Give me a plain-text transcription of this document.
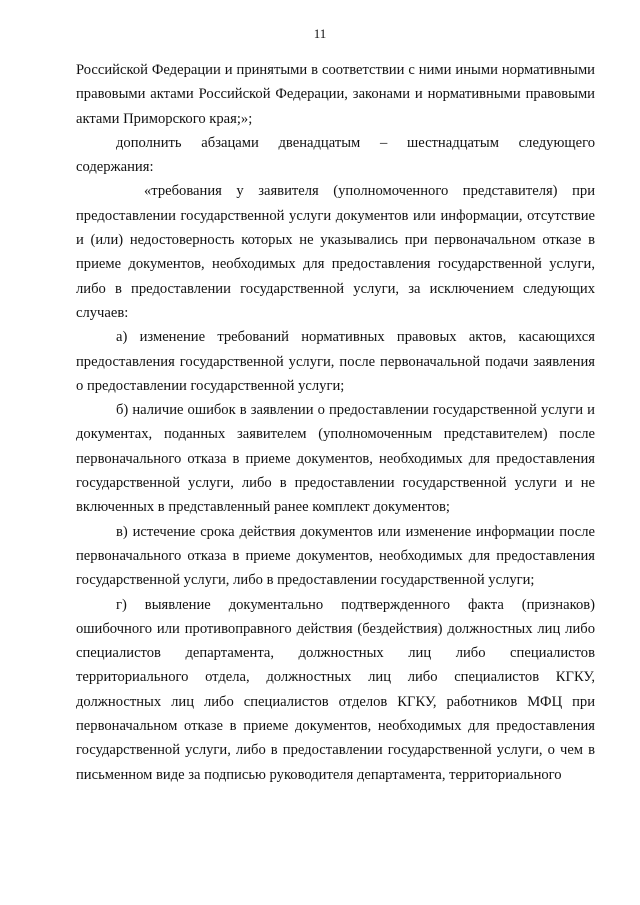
11

Российской Федерации и принятыми в соответствии с ними иными нормативными правовыми актами Российской Федерации, законами и нормативными правовыми актами Приморского края;»;

дополнить абзацами двенадцатым – шестнадцатым следующего содержания:

«требования у заявителя (уполномоченного представителя) при предоставлении государственной услуги документов или информации, отсутствие и (или) недостоверность которых не указывались при первоначальном отказе в приеме документов, необходимых для предоставления государственной услуги, либо в предоставлении государственной услуги, за исключением следующих случаев:

а) изменение требований нормативных правовых актов, касающихся предоставления государственной услуги, после первоначальной подачи заявления о предоставлении государственной услуги;

б) наличие ошибок в заявлении о предоставлении государственной услуги и документах, поданных заявителем (уполномоченным представителем) после первоначального отказа в приеме документов, необходимых для предоставления государственной услуги, либо в предоставлении государственной услуги и не включенных в представленный ранее комплект документов;

в) истечение срока действия документов или изменение информации после первоначального отказа в приеме документов, необходимых для предоставления государственной услуги, либо в предоставлении государственной услуги;

г) выявление документально подтвержденного факта (признаков) ошибочного или противоправного действия (бездействия) должностных лиц либо специалистов департамента, должностных лиц либо специалистов территориального отдела, должностных лиц либо специалистов КГКУ, должностных лиц либо специалистов отделов КГКУ, работников МФЦ при первоначальном отказе в приеме документов, необходимых для предоставления государственной услуги, либо в предоставлении государственной услуги, о чем в письменном виде за подписью руководителя департамента, территориального
